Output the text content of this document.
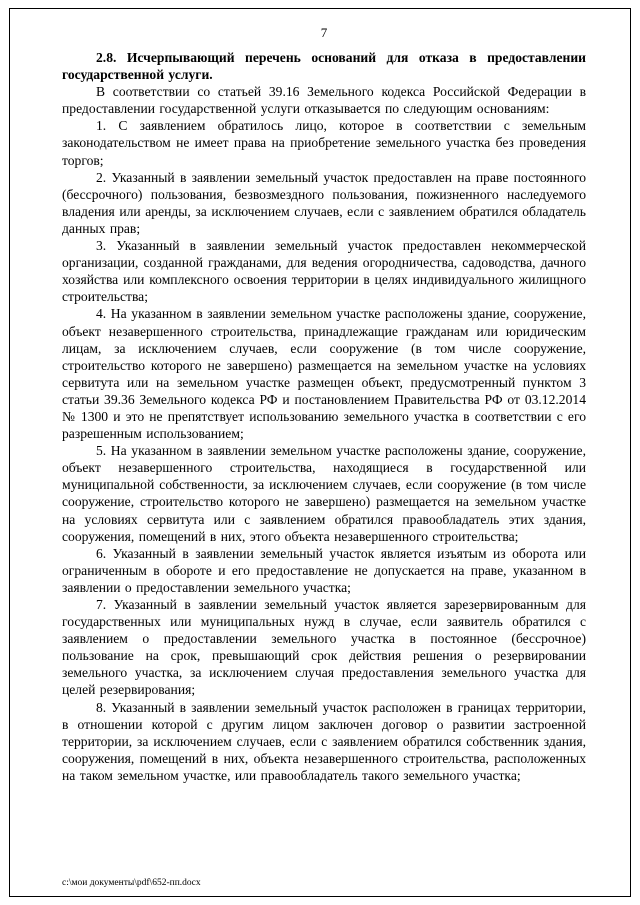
7

2.8. Исчерпывающий перечень оснований для отказа в предоставлении государственной услуги.

В соответствии со статьей 39.16 Земельного кодекса Российской Федерации в предоставлении государственной услуги отказывается по следующим основаниям:

1. С заявлением обратилось лицо, которое в соответствии с земельным законодательством не имеет права на приобретение земельного участка без проведения торгов;

2. Указанный в заявлении земельный участок предоставлен на праве постоянного (бессрочного) пользования, безвозмездного пользования, пожизненного наследуемого владения или аренды, за исключением случаев, если с заявлением обратился обладатель данных прав;

3. Указанный в заявлении земельный участок предоставлен некоммерческой организации, созданной гражданами, для ведения огородничества, садоводства, дачного хозяйства или комплексного освоения территории в целях индивидуального жилищного строительства;

4. На указанном в заявлении земельном участке расположены здание, сооружение, объект незавершенного строительства, принадлежащие гражданам или юридическим лицам, за исключением случаев, если сооружение (в том числе сооружение, строительство которого не завершено) размещается на земельном участке на условиях сервитута или на земельном участке размещен объект, предусмотренный пунктом 3 статьи 39.36 Земельного кодекса РФ и постановлением Правительства РФ от 03.12.2014 № 1300 и это не препятствует использованию земельного участка в соответствии с его разрешенным использованием;

5. На указанном в заявлении земельном участке расположены здание, сооружение, объект незавершенного строительства, находящиеся в государственной или муниципальной собственности, за исключением случаев, если сооружение (в том числе сооружение, строительство которого не завершено) размещается на земельном участке на условиях сервитута или с заявлением обратился правообладатель этих здания, сооружения, помещений в них, этого объекта незавершенного строительства;

6. Указанный в заявлении земельный участок является изъятым из оборота или ограниченным в обороте и его предоставление не допускается на праве, указанном в заявлении о предоставлении земельного участка;

7. Указанный в заявлении земельный участок является зарезервированным для государственных или муниципальных нужд в случае, если заявитель обратился с заявлением о предоставлении земельного участка в постоянное (бессрочное) пользование на срок, превышающий срок действия решения о резервировании земельного участка, за исключением случая предоставления земельного участка для целей резервирования;

8. Указанный в заявлении земельный участок расположен в границах территории, в отношении которой с другим лицом заключен договор о развитии застроенной территории, за исключением случаев, если с заявлением обратился собственник здания, сооружения, помещений в них, объекта незавершенного строительства, расположенных на таком земельном участке, или правообладатель такого земельного участка;

с:\мои документы\pdf\652-пп.docx
